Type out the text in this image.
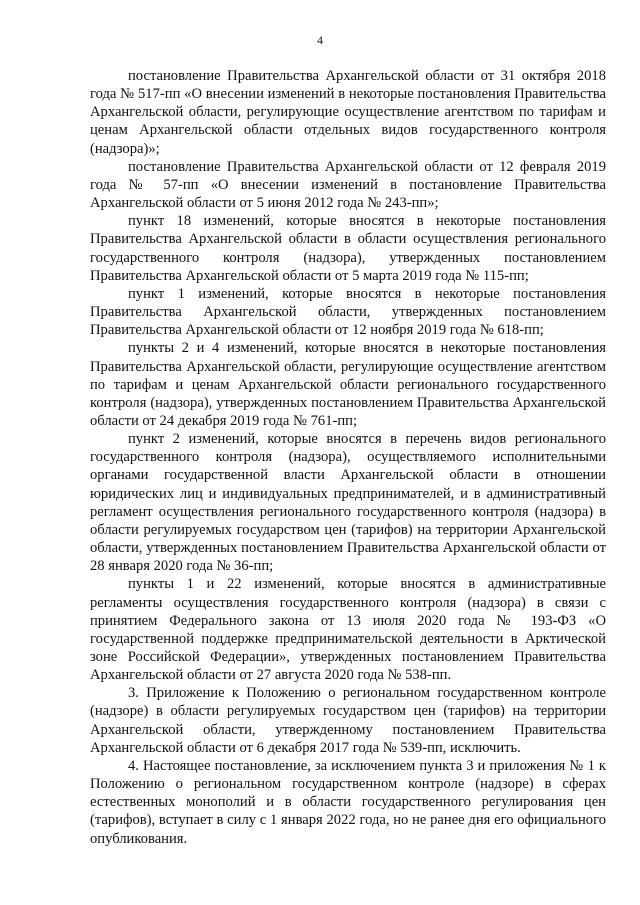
4

постановление Правительства Архангельской области от 31 октября 2018 года № 517-пп «О внесении изменений в некоторые постановления Правительства Архангельской области, регулирующие осуществление агентством по тарифам и ценам Архангельской области отдельных видов государственного контроля (надзора)»;

постановление Правительства Архангельской области от 12 февраля 2019 года № 57-пп «О внесении изменений в постановление Правительства Архангельской области от 5 июня 2012 года № 243-пп»;

пункт 18 изменений, которые вносятся в некоторые постановления Правительства Архангельской области в области осуществления регионального государственного контроля (надзора), утвержденных постановлением Правительства Архангельской области от 5 марта 2019 года № 115-пп;

пункт 1 изменений, которые вносятся в некоторые постановления Правительства Архангельской области, утвержденных постановлением Правительства Архангельской области от 12 ноября 2019 года № 618-пп;

пункты 2 и 4 изменений, которые вносятся в некоторые постановления Правительства Архангельской области, регулирующие осуществление агентством по тарифам и ценам Архангельской области регионального государственного контроля (надзора), утвержденных постановлением Правительства Архангельской области от 24 декабря 2019 года № 761-пп;

пункт 2 изменений, которые вносятся в перечень видов регионального государственного контроля (надзора), осуществляемого исполнительными органами государственной власти Архангельской области в отношении юридических лиц и индивидуальных предпринимателей, и в административный регламент осуществления регионального государственного контроля (надзора) в области регулируемых государством цен (тарифов) на территории Архангельской области, утвержденных постановлением Правительства Архангельской области от 28 января 2020 года № 36-пп;

пункты 1 и 22 изменений, которые вносятся в административные регламенты осуществления государственного контроля (надзора) в связи с принятием Федерального закона от 13 июля 2020 года № 193-ФЗ «О государственной поддержке предпринимательской деятельности в Арктической зоне Российской Федерации», утвержденных постановлением Правительства Архангельской области от 27 августа 2020 года № 538-пп.

3. Приложение к Положению о региональном государственном контроле (надзоре) в области регулируемых государством цен (тарифов) на территории Архангельской области, утвержденному постановлением Правительства Архангельской области от 6 декабря 2017 года № 539-пп, исключить.

4. Настоящее постановление, за исключением пункта 3 и приложения № 1 к Положению о региональном государственном контроле (надзоре) в сферах естественных монополий и в области государственного регулирования цен (тарифов), вступает в силу с 1 января 2022 года, но не ранее дня его официального опубликования.
